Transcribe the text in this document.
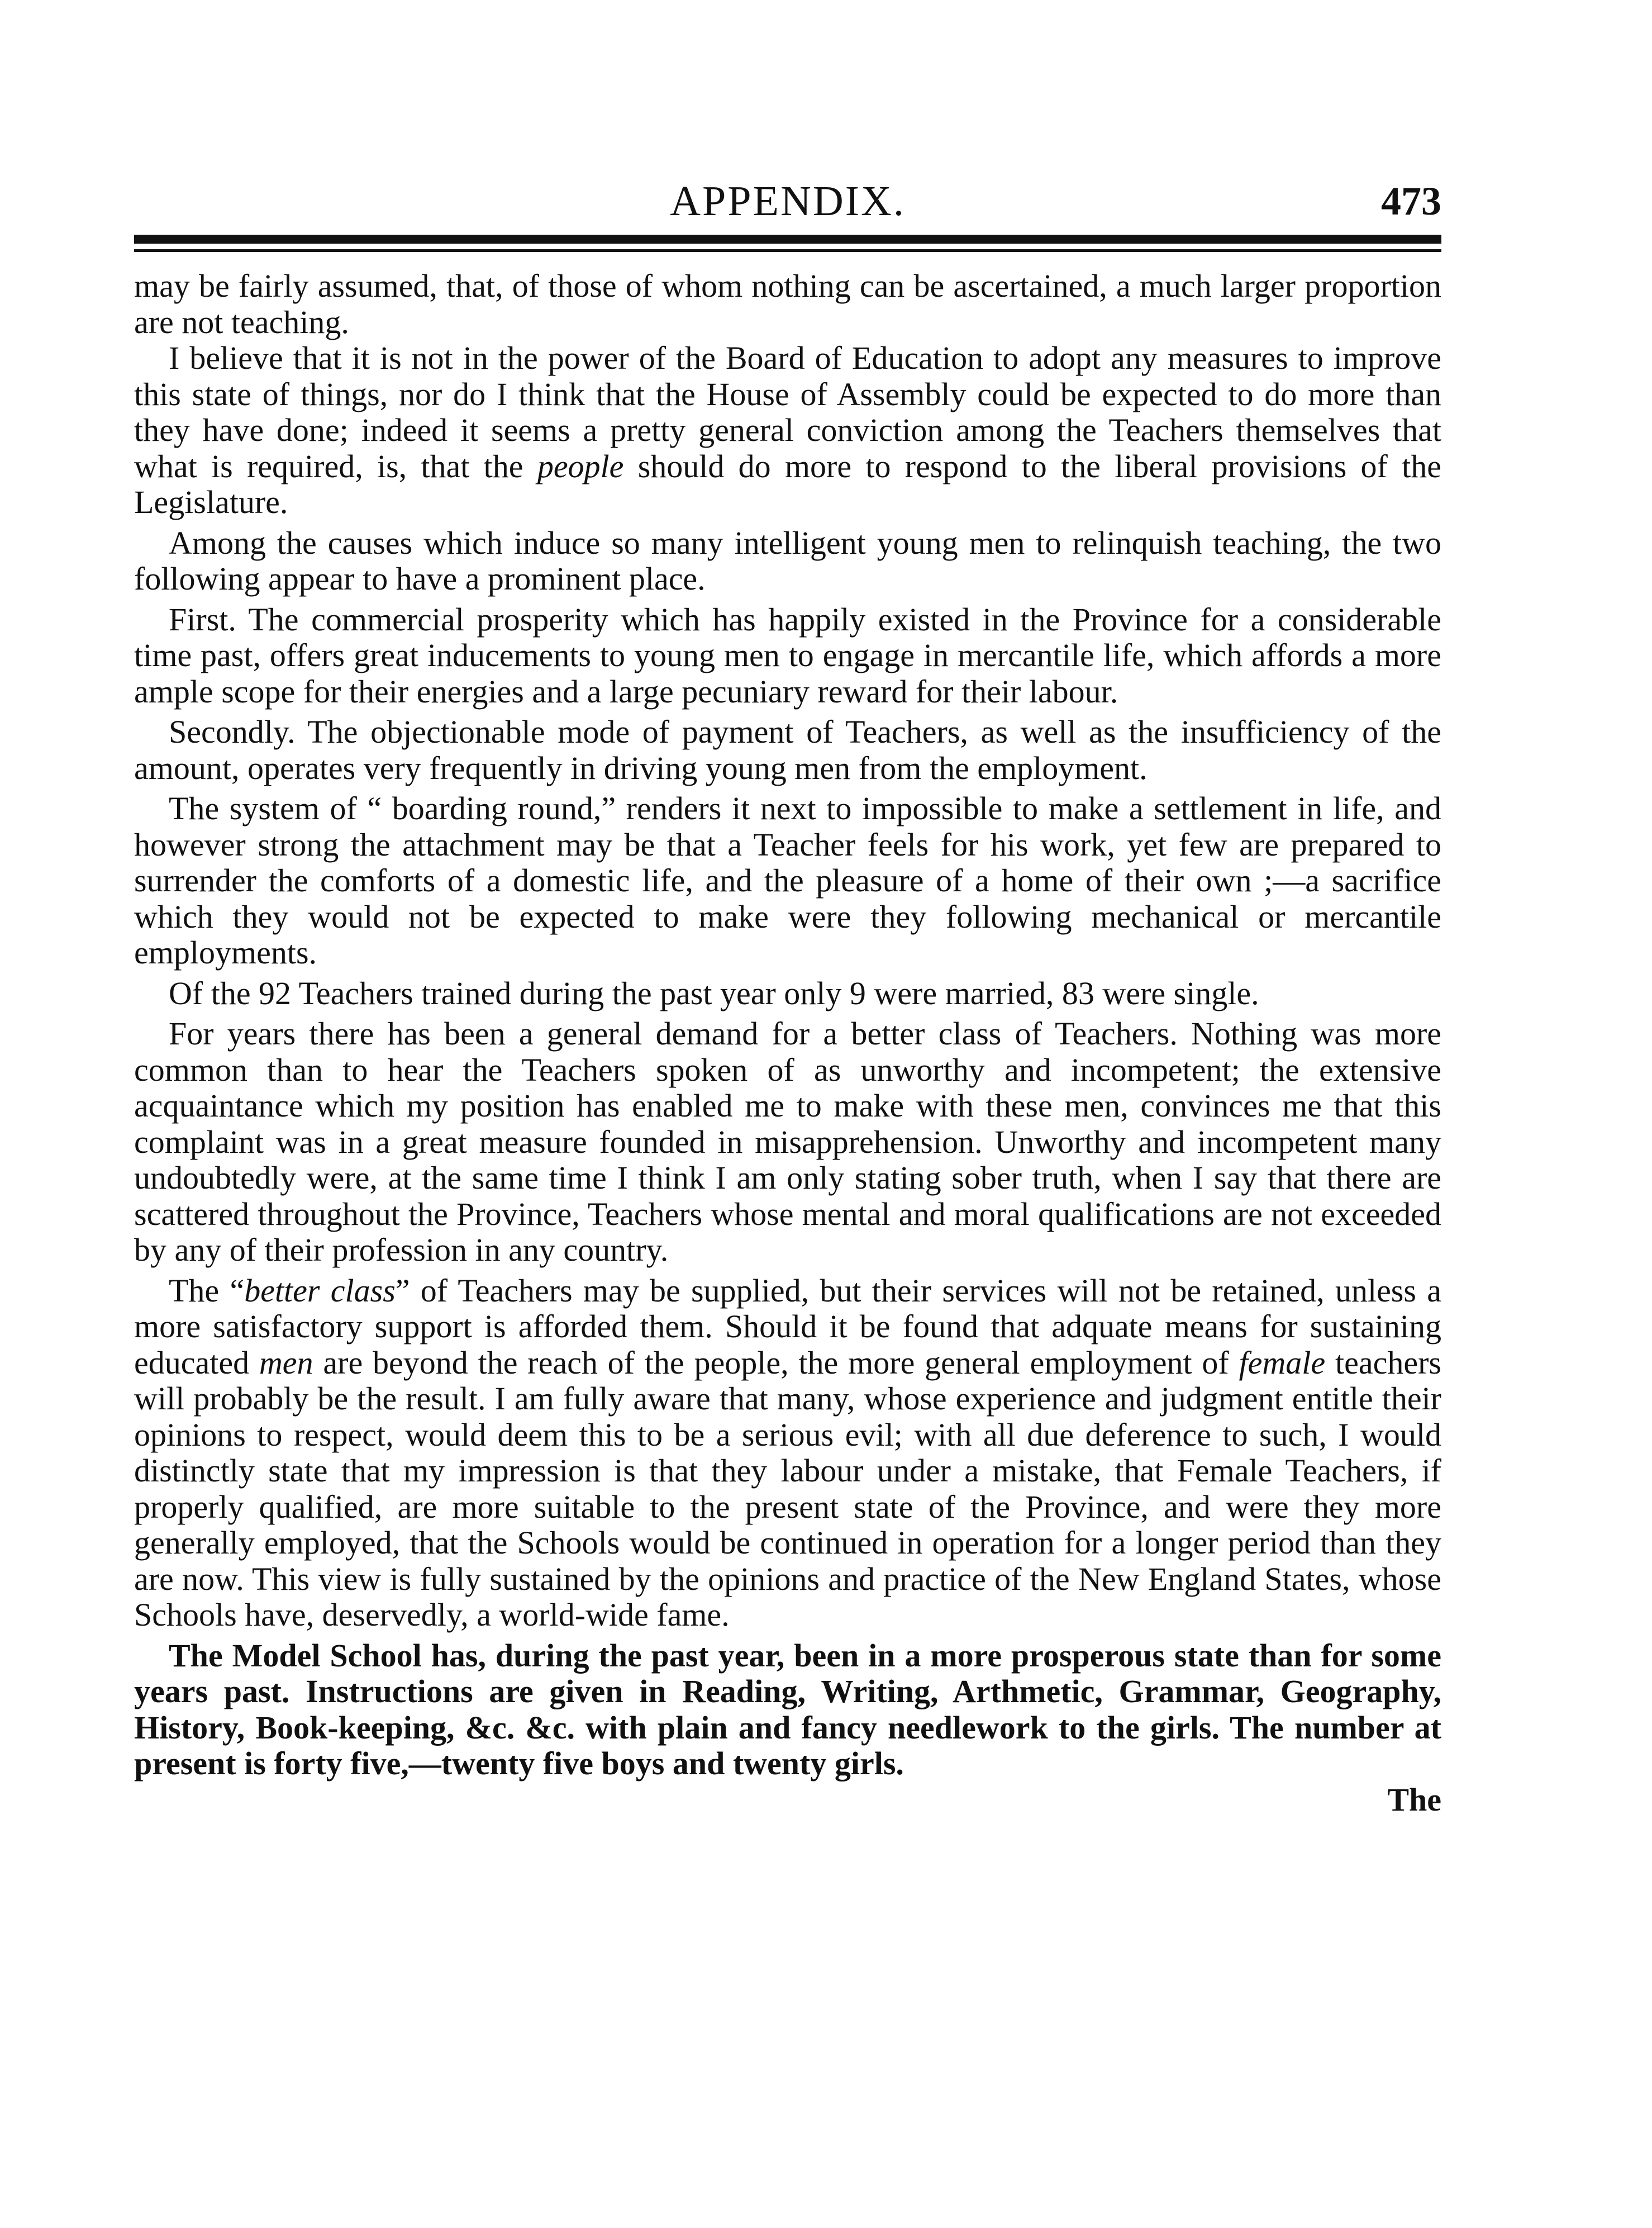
APPENDIX.	473

may be fairly assumed, that, of those of whom nothing can be ascertained, a much larger proportion are not teaching.

I believe that it is not in the power of the Board of Education to adopt any measures to improve this state of things, nor do I think that the House of Assembly could be expected to do more than they have done; indeed it seems a pretty general conviction among the Teachers themselves that what is required, is, that the people should do more to respond to the liberal provisions of the Legislature.

Among the causes which induce so many intelligent young men to relinquish teaching, the two following appear to have a prominent place.

First. The commercial prosperity which has happily existed in the Province for a considerable time past, offers great inducements to young men to engage in mercantile life, which affords a more ample scope for their energies and a large pecuniary reward for their labour.

Secondly. The objectionable mode of payment of Teachers, as well as the insufficiency of the amount, operates very frequently in driving young men from the employment.

The system of “ boarding round,” renders it next to impossible to make a settlement in life, and however strong the attachment may be that a Teacher feels for his work, yet few are prepared to surrender the comforts of a domestic life, and the pleasure of a home of their own ;—a sacrifice which they would not be expected to make were they following mechanical or mercantile employments.

Of the 92 Teachers trained during the past year only 9 were married, 83 were single.

For years there has been a general demand for a better class of Teachers. Nothing was more common than to hear the Teachers spoken of as unworthy and incompetent; the extensive acquaintance which my position has enabled me to make with these men, convinces me that this complaint was in a great measure founded in misapprehension. Unworthy and incompetent many undoubtedly were, at the same time I think I am only stating sober truth, when I say that there are scattered throughout the Province, Teachers whose mental and moral qualifications are not exceeded by any of their profession in any country.

The “better class” of Teachers may be supplied, but their services will not be retained, unless a more satisfactory support is afforded them. Should it be found that adquate means for sustaining educated men are beyond the reach of the people, the more general employment of female teachers will probably be the result. I am fully aware that many, whose experience and judgment entitle their opinions to respect, would deem this to be a serious evil; with all due deference to such, I would distinctly state that my impression is that they labour under a mistake, that Female Teachers, if properly qualified, are more suitable to the present state of the Province, and were they more generally employed, that the Schools would be continued in operation for a longer period than they are now. This view is fully sustained by the opinions and practice of the New England States, whose Schools have, deservedly, a world-wide fame.

The Model School has, during the past year, been in a more prosperous state than for some years past. Instructions are given in Reading, Writing, Arthmetic, Grammar, Geography, History, Book-keeping, &c. &c. with plain and fancy needlework to the girls. The number at present is forty five,—twenty five boys and twenty girls.

The
